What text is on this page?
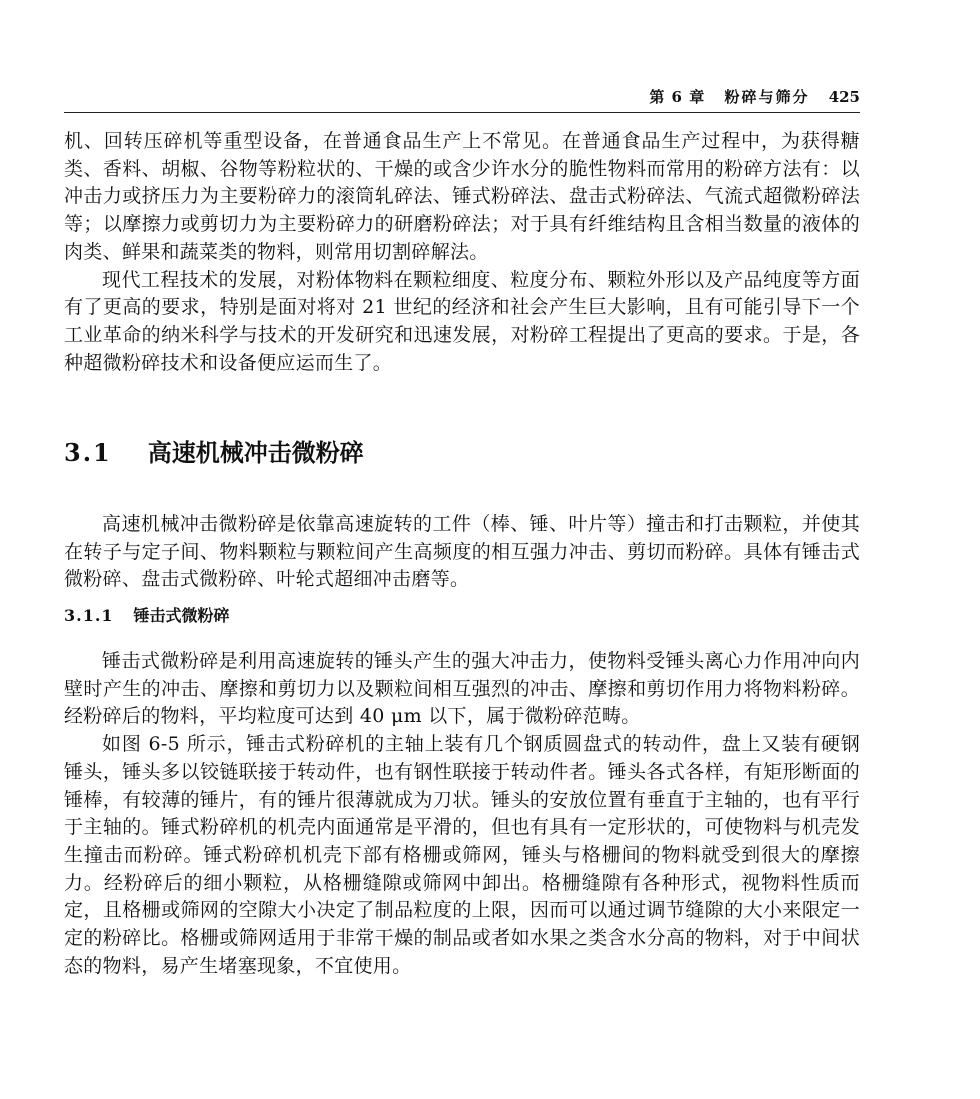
第 6 章 粉碎与筛分 425

机、回转压碎机等重型设备，在普通食品生产上不常见。在普通食品生产过程中，为获得糖类、香料、胡椒、谷物等粉粒状的、干燥的或含少许水分的脆性物料而常用的粉碎方法有：以冲击力或挤压力为主要粉碎力的滚筒轧碎法、锤式粉碎法、盘击式粉碎法、气流式超微粉碎法等；以摩擦力或剪切力为主要粉碎力的研磨粉碎法；对于具有纤维结构且含相当数量的液体的肉类、鲜果和蔬菜类的物料，则常用切割碎解法。

现代工程技术的发展，对粉体物料在颗粒细度、粒度分布、颗粒外形以及产品纯度等方面有了更高的要求，特别是面对将对 21 世纪的经济和社会产生巨大影响，且有可能引导下一个工业革命的纳米科学与技术的开发研究和迅速发展，对粉碎工程提出了更高的要求。于是，各种超微粉碎技术和设备便应运而生了。

3.1 高速机械冲击微粉碎

高速机械冲击微粉碎是依靠高速旋转的工件（棒、锤、叶片等）撞击和打击颗粒，并使其在转子与定子间、物料颗粒与颗粒间产生高频度的相互强力冲击、剪切而粉碎。具体有锤击式微粉碎、盘击式微粉碎、叶轮式超细冲击磨等。

3.1.1 锤击式微粉碎

锤击式微粉碎是利用高速旋转的锤头产生的强大冲击力，使物料受锤头离心力作用冲向内壁时产生的冲击、摩擦和剪切力以及颗粒间相互强烈的冲击、摩擦和剪切作用力将物料粉碎。经粉碎后的物料，平均粒度可达到 40 μm 以下，属于微粉碎范畴。

如图 6-5 所示，锤击式粉碎机的主轴上装有几个钢质圆盘式的转动件，盘上又装有硬钢锤头，锤头多以铰链联接于转动件，也有钢性联接于转动件者。锤头各式各样，有矩形断面的锤棒，有较薄的锤片，有的锤片很薄就成为刀状。锤头的安放位置有垂直于主轴的，也有平行于主轴的。锤式粉碎机的机壳内面通常是平滑的，但也有具有一定形状的，可使物料与机壳发生撞击而粉碎。锤式粉碎机机壳下部有格栅或筛网，锤头与格栅间的物料就受到很大的摩擦力。经粉碎后的细小颗粒，从格栅缝隙或筛网中卸出。格栅缝隙有各种形式，视物料性质而定，且格栅或筛网的空隙大小决定了制品粒度的上限，因而可以通过调节缝隙的大小来限定一定的粉碎比。格栅或筛网适用于非常干燥的制品或者如水果之类含水分高的物料，对于中间状态的物料，易产生堵塞现象，不宜使用。
